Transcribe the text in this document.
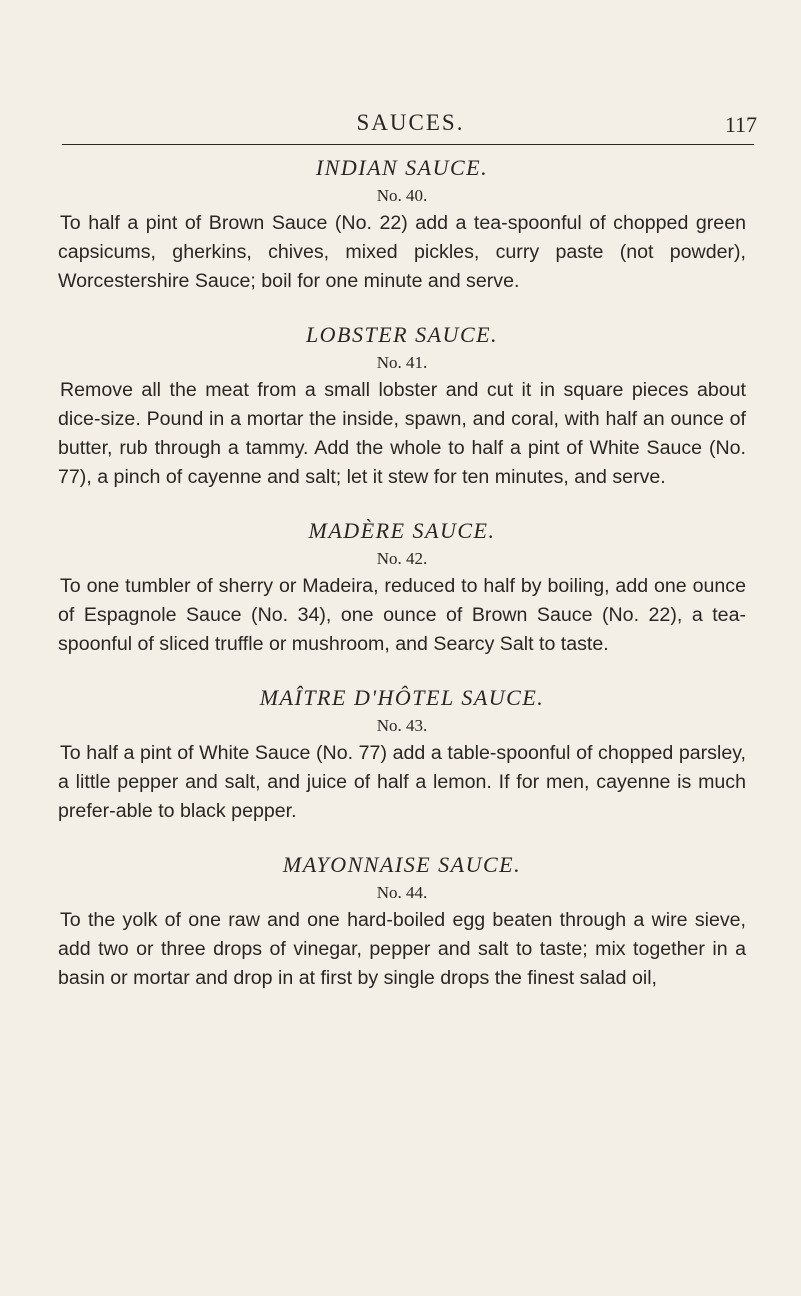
SAUCES.	117

INDIAN SAUCE.

No. 40.

To half a pint of Brown Sauce (No. 22) add a tea-spoonful of chopped green capsicums, gherkins, chives, mixed pickles, curry paste (not powder), Worcestershire Sauce; boil for one minute and serve.

LOBSTER SAUCE.

No. 41.

Remove all the meat from a small lobster and cut it in square pieces about dice-size. Pound in a mortar the inside, spawn, and coral, with half an ounce of butter, rub through a tammy. Add the whole to half a pint of White Sauce (No. 77), a pinch of cayenne and salt; let it stew for ten minutes, and serve.

MADÈRE SAUCE.

No. 42.

To one tumbler of sherry or Madeira, reduced to half by boiling, add one ounce of Espagnole Sauce (No. 34), one ounce of Brown Sauce (No. 22), a tea-spoonful of sliced truffle or mushroom, and Searcy Salt to taste.

MAÎTRE D'HÔTEL SAUCE.

No. 43.

To half a pint of White Sauce (No. 77) add a table-spoonful of chopped parsley, a little pepper and salt, and juice of half a lemon. If for men, cayenne is much prefer-able to black pepper.

MAYONNAISE SAUCE.

No. 44.

To the yolk of one raw and one hard-boiled egg beaten through a wire sieve, add two or three drops of vinegar, pepper and salt to taste; mix together in a basin or mortar and drop in at first by single drops the finest salad oil,
